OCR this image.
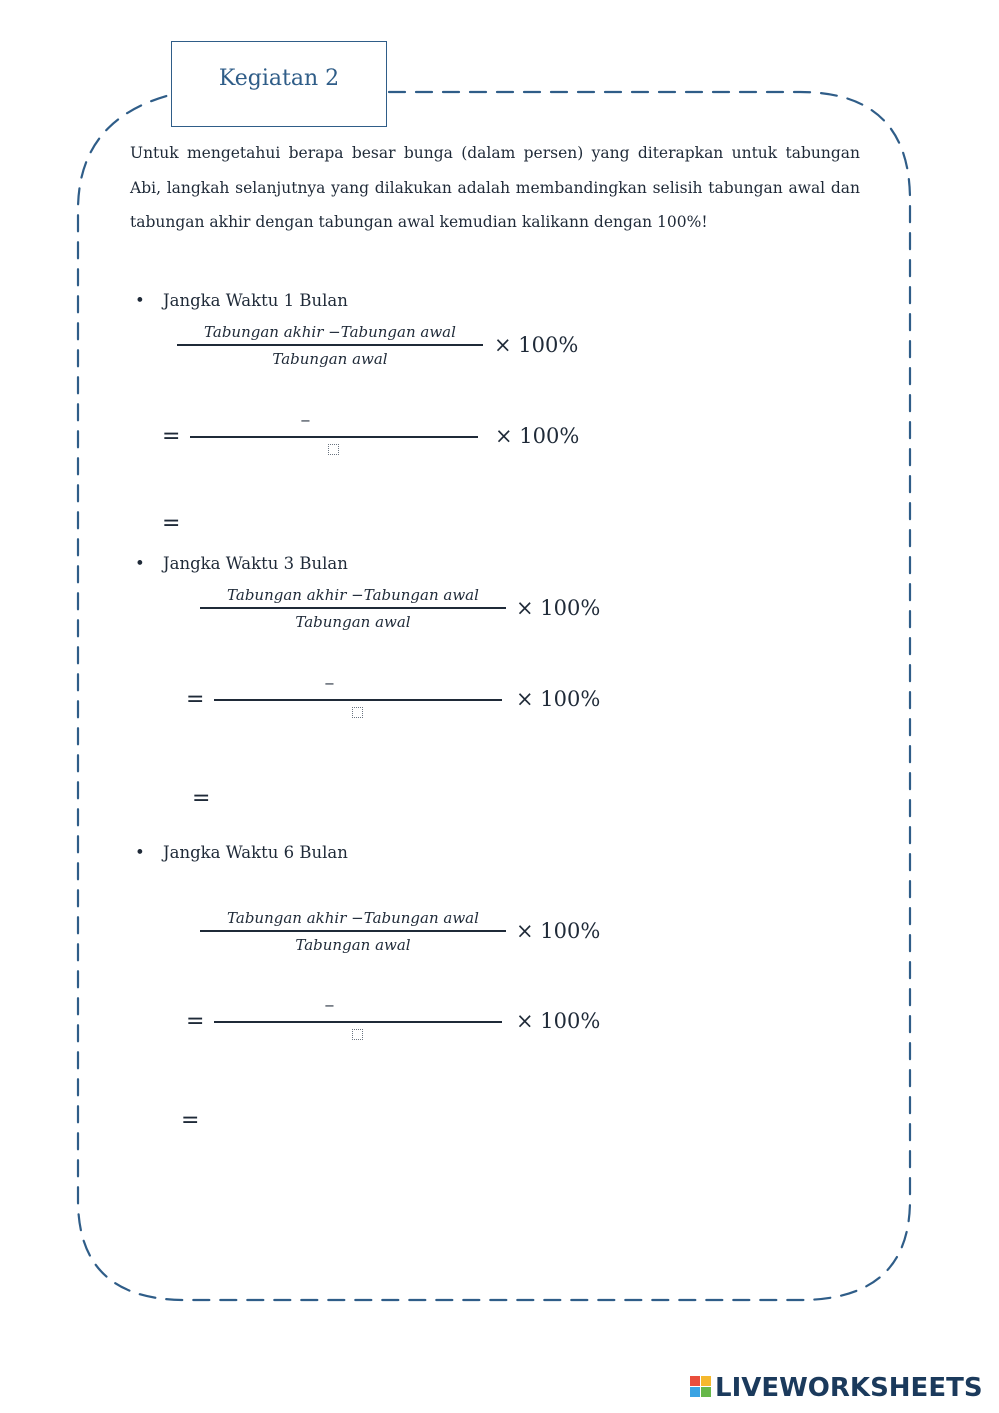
Kegiatan 2
Untuk mengetahui berapa besar bunga (dalam persen) yang diterapkan untuk tabungan Abi, langkah selanjutnya yang dilakukan adalah membandingkan selisih tabungan awal dan tabungan akhir dengan tabungan awal kemudian kalikann dengan 100%!
• Jangka Waktu 1 Bulan
Tabungan akhir −Tabungan awal
Tabungan awal
× 100%
=
−
× 100%
=
• Jangka Waktu 3 Bulan
Tabungan akhir −Tabungan awal
Tabungan awal
× 100%
=
−
× 100%
=
• Jangka Waktu 6 Bulan
Tabungan akhir −Tabungan awal
Tabungan awal
× 100%
=
−
× 100%
=
LIVEWORKSHEETS
